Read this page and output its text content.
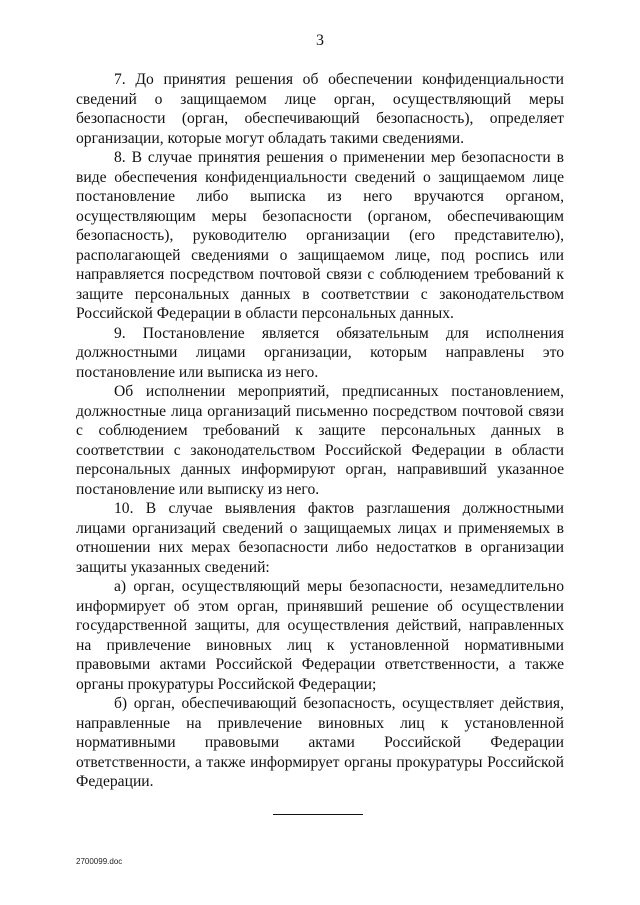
3

7. До принятия решения об обеспечении конфиденциальности сведений о защищаемом лице орган, осуществляющий меры безопасности (орган, обеспечивающий безопасность), определяет организации, которые могут обладать такими сведениями.

8. В случае принятия решения о применении мер безопасности в виде обеспечения конфиденциальности сведений о защищаемом лице постановление либо выписка из него вручаются органом, осуществляющим меры безопасности (органом, обеспечивающим безопасность), руководителю организации (его представителю), располагающей сведениями о защищаемом лице, под роспись или направляется посредством почтовой связи с соблюдением требований к защите персональных данных в соответствии с законодательством Российской Федерации в области персональных данных.

9. Постановление является обязательным для исполнения должностными лицами организации, которым направлены это постановление или выписка из него.

Об исполнении мероприятий, предписанных постановлением, должностные лица организаций письменно посредством почтовой связи с соблюдением требований к защите персональных данных в соответствии с законодательством Российской Федерации в области персональных данных информируют орган, направивший указанное постановление или выписку из него.

10. В случае выявления фактов разглашения должностными лицами организаций сведений о защищаемых лицах и применяемых в отношении них мерах безопасности либо недостатков в организации защиты указанных сведений:

а) орган, осуществляющий меры безопасности, незамедлительно информирует об этом орган, принявший решение об осуществлении государственной защиты, для осуществления действий, направленных на привлечение виновных лиц к установленной нормативными правовыми актами Российской Федерации ответственности, а также органы прокуратуры Российской Федерации;

б) орган, обеспечивающий безопасность, осуществляет действия, направленные на привлечение виновных лиц к установленной нормативными правовыми актами Российской Федерации ответственности, а также информирует органы прокуратуры Российской Федерации.

2700099.doc
